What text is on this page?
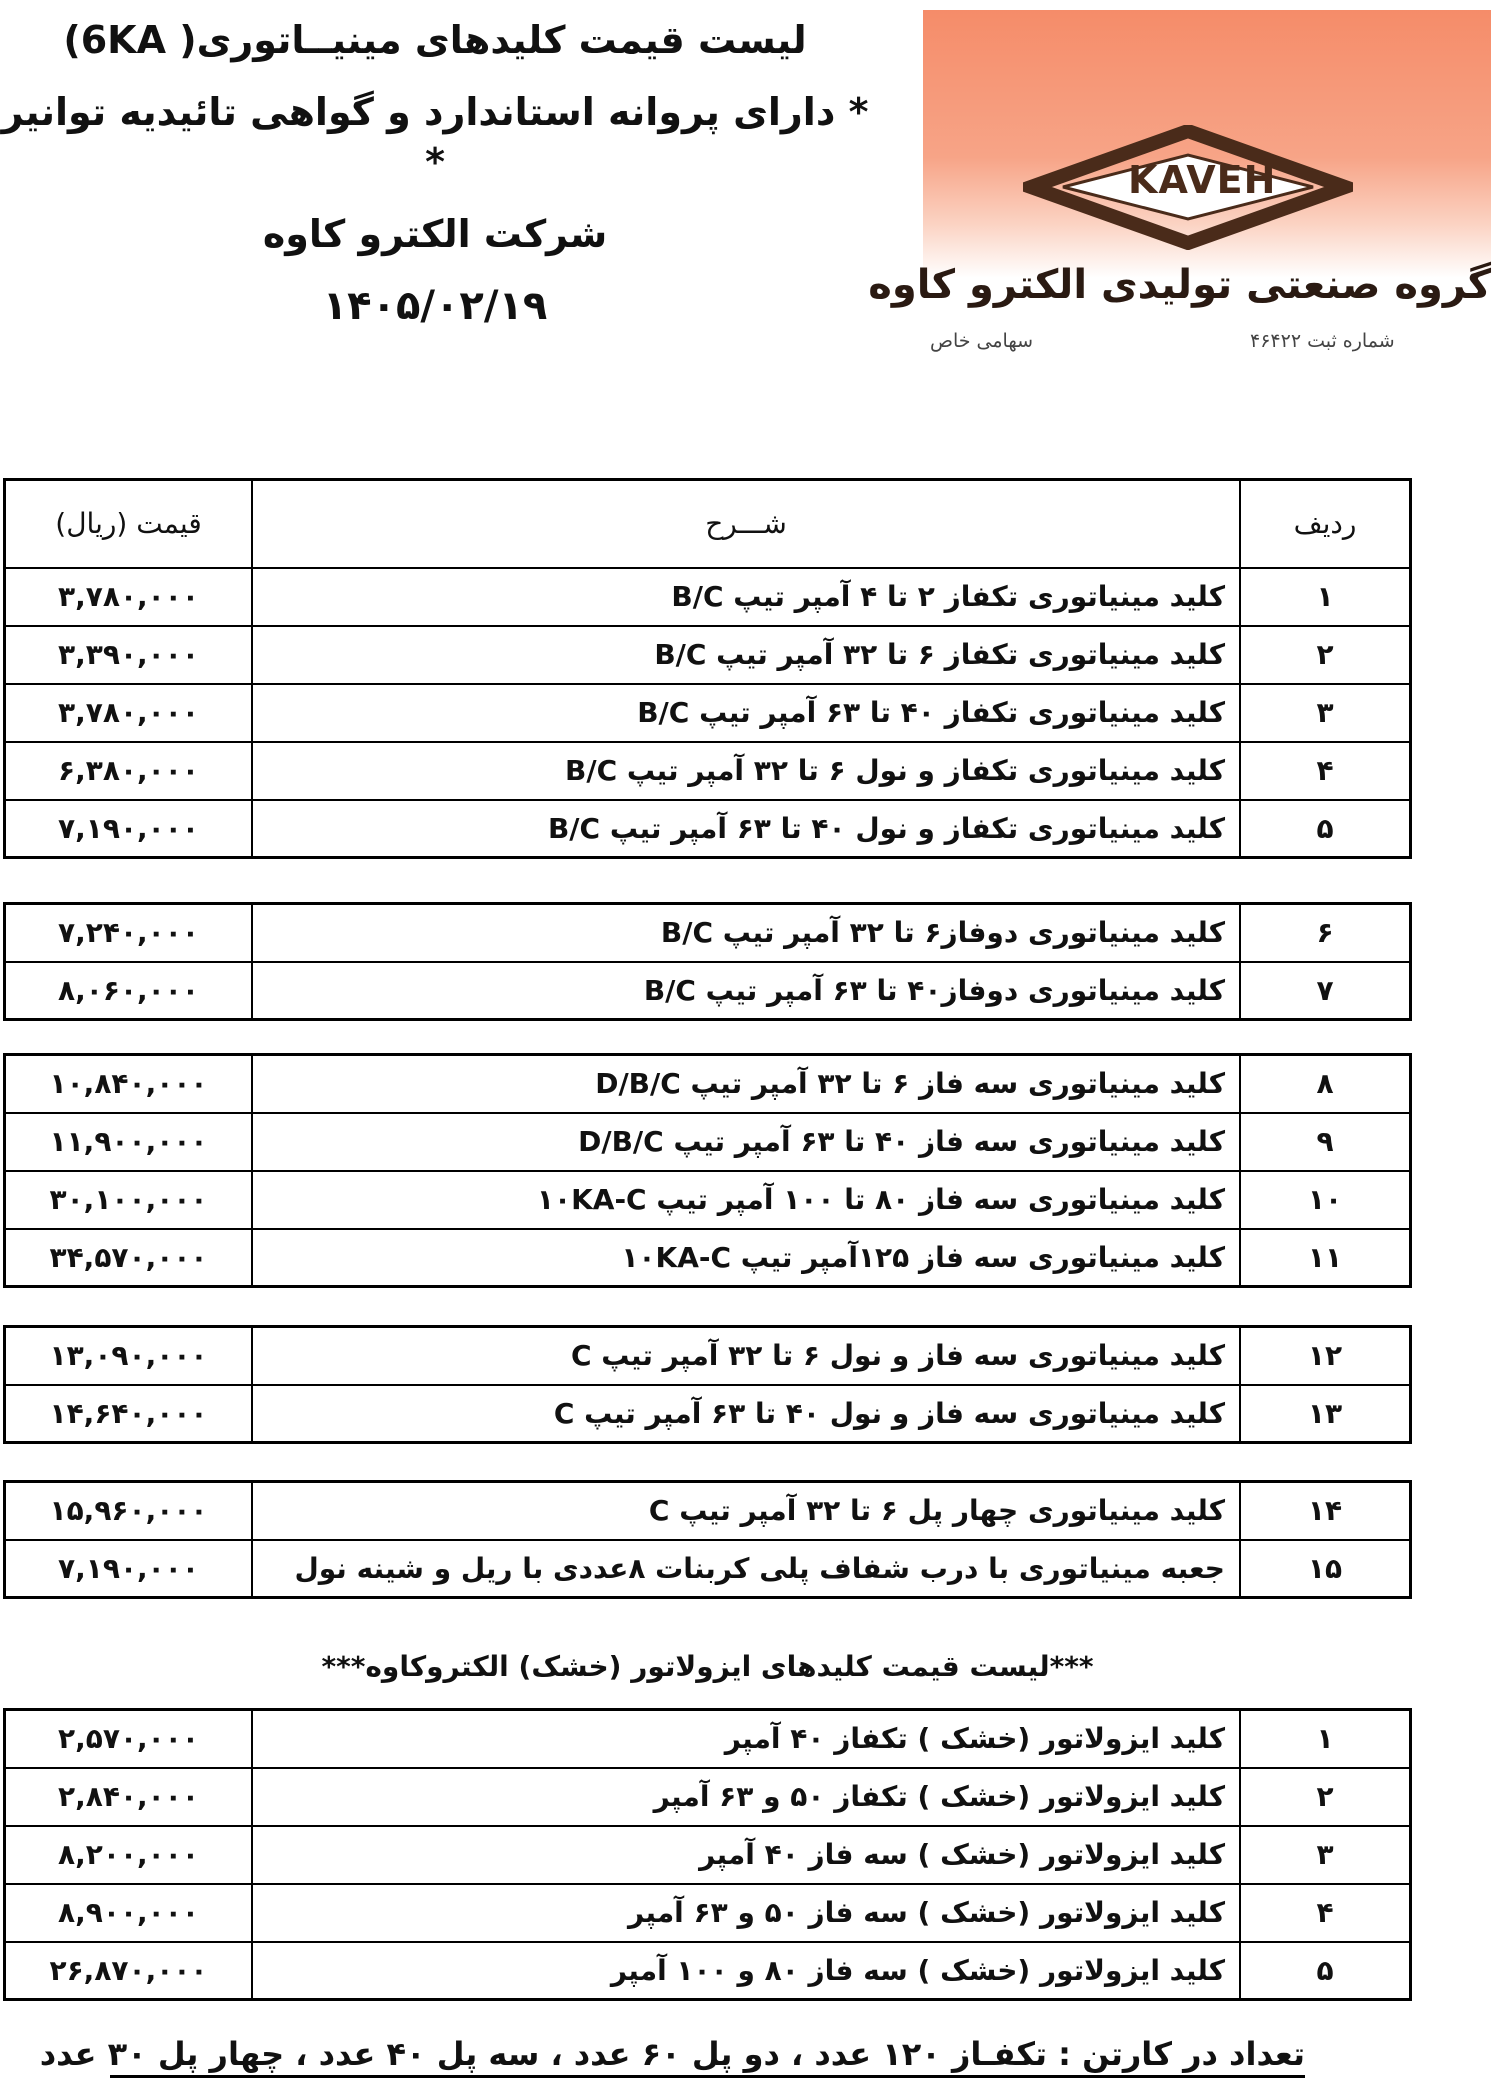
لیست قیمت کلیدهای مینیــاتوری( 6KA)
* دارای پروانه استاندارد و گواهی تائیدیه توانیر *
شرکت الکترو کاوه
۱۴۰۵/۰۲/۱۹
KAVEH
گروه صنعتی تولیدی الکترو کاوه
شماره ثبت ۴۶۴۲۲
سهامی خاص
ردیف	شـــرح	قیمت (ریال)
۱	کلید مینیاتوری تکفاز ۲ تا ۴ آمپر تیپ B/C	۳,۷۸۰,۰۰۰
۲	کلید مینیاتوری تکفاز ۶ تا ۳۲ آمپر تیپ B/C	۳,۳۹۰,۰۰۰
۳	کلید مینیاتوری تکفاز ۴۰ تا ۶۳ آمپر تیپ B/C	۳,۷۸۰,۰۰۰
۴	کلید مینیاتوری تکفاز و نول ۶ تا ۳۲ آمپر تیپ B/C	۶,۳۸۰,۰۰۰
۵	کلید مینیاتوری تکفاز و نول ۴۰ تا ۶۳ آمپر تیپ B/C	۷,۱۹۰,۰۰۰
۶	کلید مینیاتوری دوفاز۶ تا ۳۲ آمپر تیپ B/C	۷,۲۴۰,۰۰۰
۷	کلید مینیاتوری دوفاز۴۰ تا ۶۳ آمپر تیپ B/C	۸,۰۶۰,۰۰۰
۸	کلید مینیاتوری سه فاز ۶ تا ۳۲ آمپر تیپ D/B/C	۱۰,۸۴۰,۰۰۰
۹	کلید مینیاتوری سه فاز ۴۰ تا ۶۳ آمپر تیپ D/B/C	۱۱,۹۰۰,۰۰۰
۱۰	کلید مینیاتوری سه فاز ۸۰ تا ۱۰۰ آمپر تیپ ۱۰KA-C	۳۰,۱۰۰,۰۰۰
۱۱	کلید مینیاتوری سه فاز ۱۲۵آمپر تیپ ۱۰KA-C	۳۴,۵۷۰,۰۰۰
۱۲	کلید مینیاتوری سه فاز و نول ۶ تا ۳۲ آمپر تیپ C	۱۳,۰۹۰,۰۰۰
۱۳	کلید مینیاتوری سه فاز و نول ۴۰ تا ۶۳ آمپر تیپ C	۱۴,۶۴۰,۰۰۰
۱۴	کلید مینیاتوری چهار پل ۶ تا ۳۲ آمپر تیپ C	۱۵,۹۶۰,۰۰۰
۱۵	جعبه مینیاتوری با درب شفاف پلی کربنات ۸عددی با ریل و شینه نول	۷,۱۹۰,۰۰۰
***لیست قیمت کلیدهای ایزولاتور (خشک) الکتروکاوه***
۱	کلید ایزولاتور (خشک ) تکفاز ۴۰ آمپر	۲,۵۷۰,۰۰۰
۲	کلید ایزولاتور (خشک ) تکفاز ۵۰ و ۶۳ آمپر	۲,۸۴۰,۰۰۰
۳	کلید ایزولاتور (خشک ) سه فاز ۴۰ آمپر	۸,۲۰۰,۰۰۰
۴	کلید ایزولاتور (خشک ) سه فاز ۵۰ و ۶۳ آمپر	۸,۹۰۰,۰۰۰
۵	کلید ایزولاتور (خشک ) سه فاز ۸۰ و ۱۰۰ آمپر	۲۶,۸۷۰,۰۰۰
تعداد در کارتن : تکفـاز ۱۲۰ عدد ، دو پل ۶۰ عدد ، سه پل ۴۰ عدد ، چهار پل ۳۰ عدد
